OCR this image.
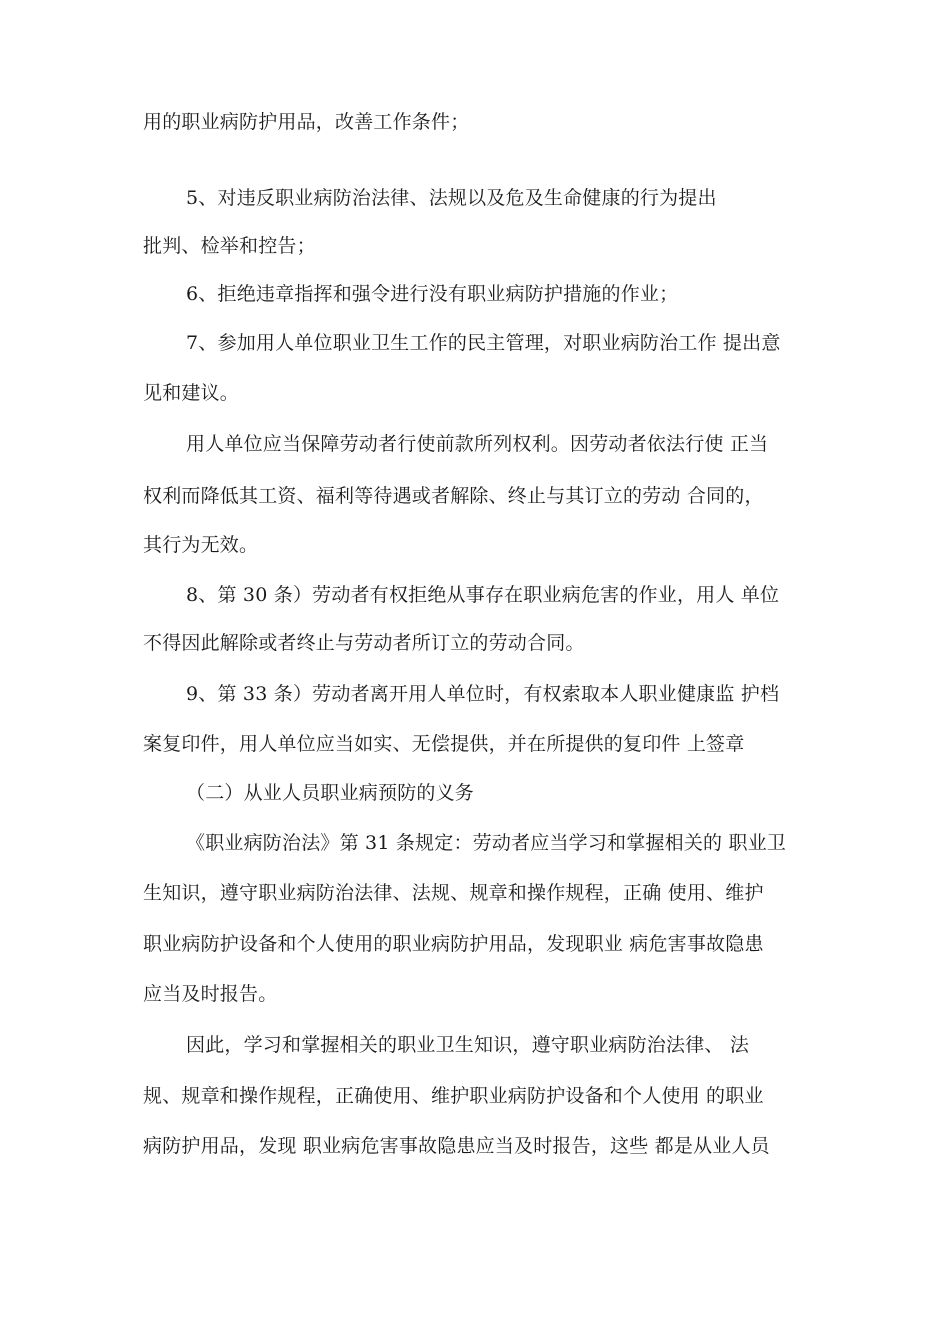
用的职业病防护用品，改善工作条件；
5、对违反职业病防治法律、法规以及危及生命健康的行为提出
批判、检举和控告；
6、拒绝违章指挥和强令进行没有职业病防护措施的作业；
7、参加用人单位职业卫生工作的民主管理，对职业病防治工作 提出意
见和建议。
用人单位应当保障劳动者行使前款所列权利。因劳动者依法行使 正当
权利而降低其工资、福利等待遇或者解除、终止与其订立的劳动 合同的，
其行为无效。
8、第 30 条）劳动者有权拒绝从事存在职业病危害的作业，用人 单位
不得因此解除或者终止与劳动者所订立的劳动合同。
9、第 33 条）劳动者离开用人单位时，有权索取本人职业健康监 护档
案复印件，用人单位应当如实、无偿提供，并在所提供的复印件 上签章
（二）从业人员职业病预防的义务
《职业病防治法》第 31 条规定：劳动者应当学习和掌握相关的 职业卫
生知识，遵守职业病防治法律、法规、规章和操作规程，正确 使用、维护
职业病防护设备和个人使用的职业病防护用品，发现职业 病危害事故隐患
应当及时报告。
因此，学习和掌握相关的职业卫生知识，遵守职业病防治法律、 法
规、规章和操作规程，正确使用、维护职业病防护设备和个人使用 的职业
病防护用品，发现 职业病危害事故隐患应当及时报告，这些 都是从业人员
